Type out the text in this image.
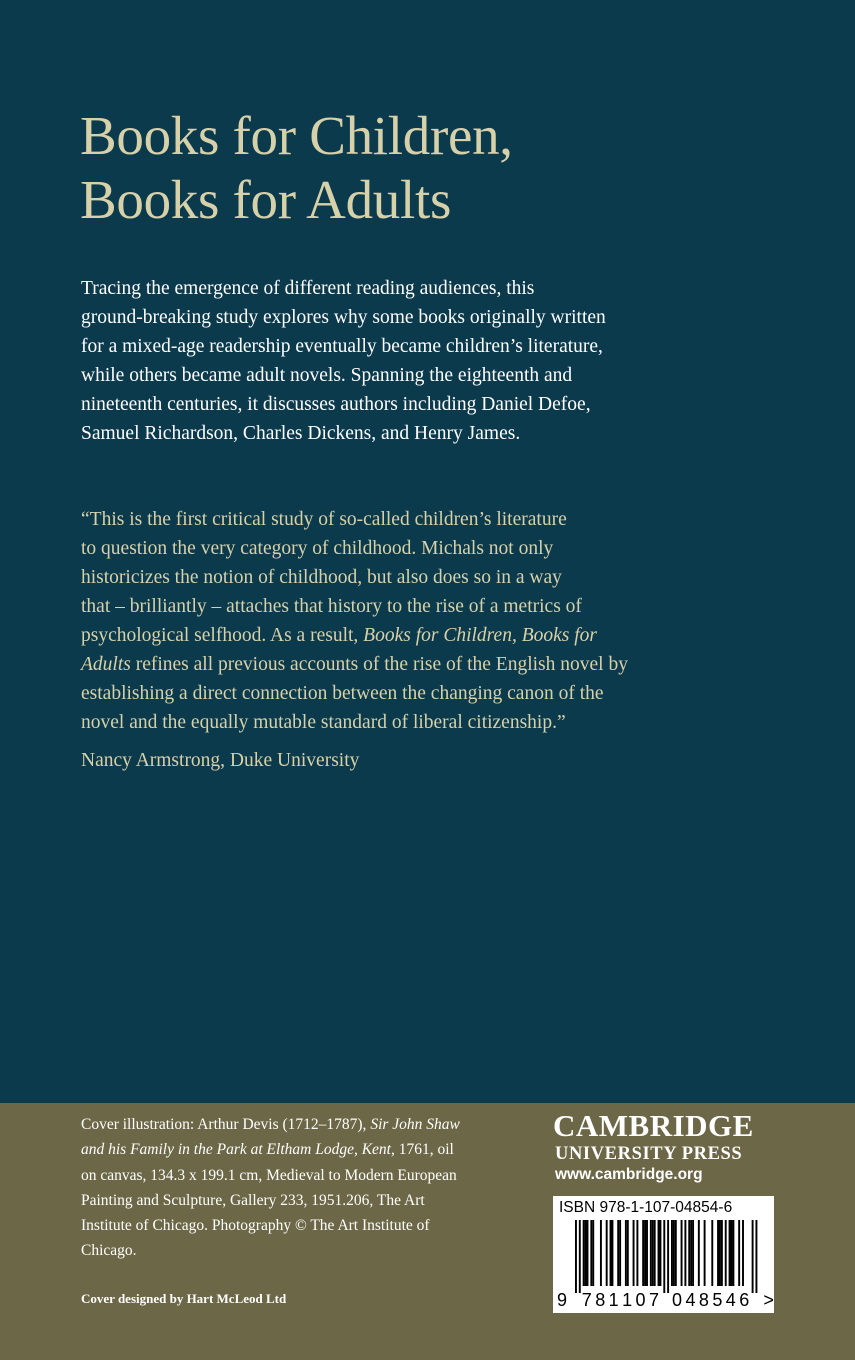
Books for Children,
Books for Adults

Tracing the emergence of different reading audiences, this
ground-breaking study explores why some books originally written
for a mixed-age readership eventually became children’s literature,
while others became adult novels. Spanning the eighteenth and
nineteenth centuries, it discusses authors including Daniel Defoe,
Samuel Richardson, Charles Dickens, and Henry James.

“This is the first critical study of so-called children’s literature
to question the very category of childhood. Michals not only
historicizes the notion of childhood, but also does so in a way
that – brilliantly – attaches that history to the rise of a metrics of
psychological selfhood. As a result, Books for Children, Books for
Adults refines all previous accounts of the rise of the English novel by
establishing a direct connection between the changing canon of the
novel and the equally mutable standard of liberal citizenship.”

Nancy Armstrong, Duke University

Cover illustration: Arthur Devis (1712–1787), Sir John Shaw
and his Family in the Park at Eltham Lodge, Kent, 1761, oil
on canvas, 134.3 x 199.1 cm, Medieval to Modern European
Painting and Sculpture, Gallery 233, 1951.206, The Art
Institute of Chicago. Photography © The Art Institute of
Chicago.

Cover designed by Hart McLeod Ltd

CAMBRIDGE
UNIVERSITY PRESS
www.cambridge.org
ISBN 978-1-107-04854-6
9 7 8 1 1 0 7 0 4 8 5 4 6 >
